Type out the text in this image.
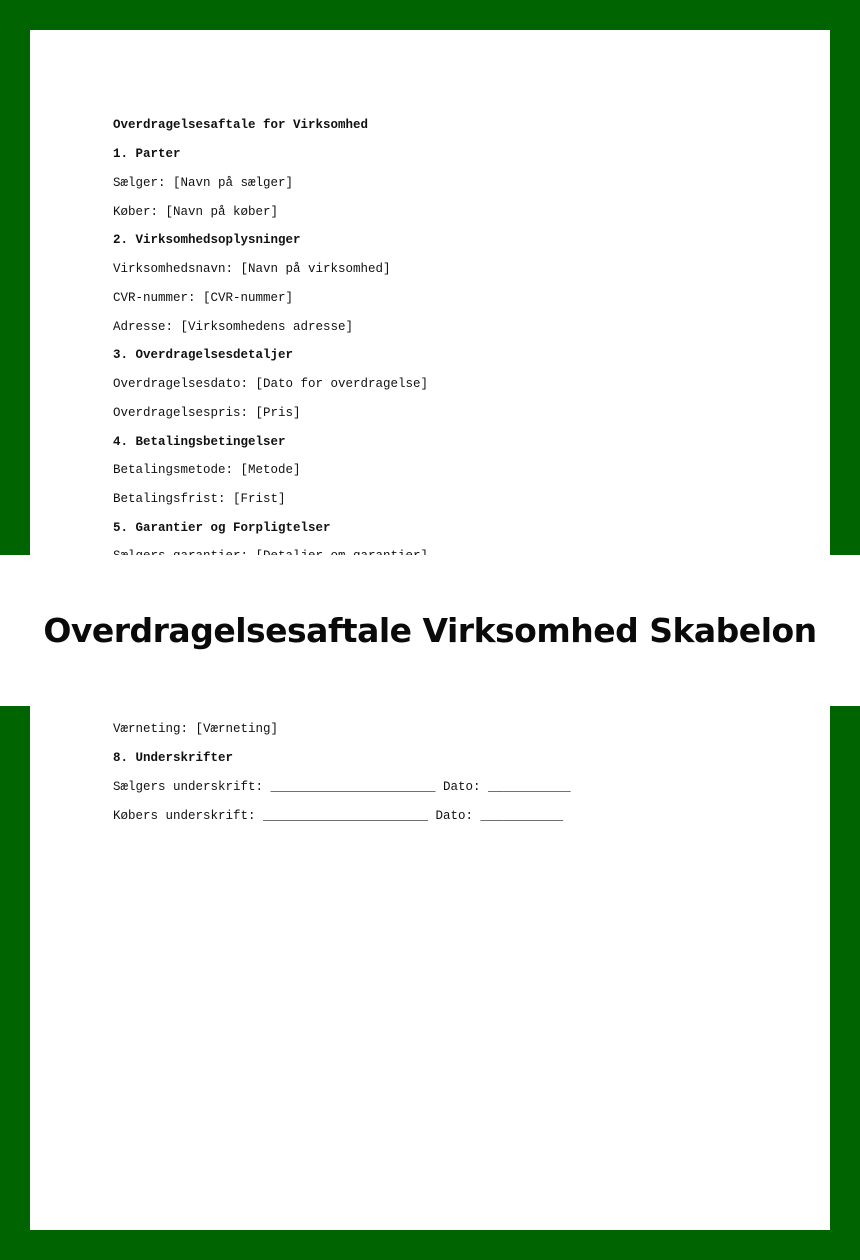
Overdragelsesaftale for Virksomhed
1. Parter
Sælger: [Navn på sælger]
Køber: [Navn på køber]
2. Virksomhedsoplysninger
Virksomhedsnavn: [Navn på virksomhed]
CVR-nummer: [CVR-nummer]
Adresse: [Virksomhedens adresse]
3. Overdragelsesdetaljer
Overdragelsesdato: [Dato for overdragelse]
Overdragelsespris: [Pris]
4. Betalingsbetingelser
Betalingsmetode: [Metode]
Betalingsfrist: [Frist]
5. Garantier og Forpligtelser
Værneting: [Værneting]
8. Underskrifter
Sælgers underskrift: ______________________ Dato: ___________
Købers underskrift: ______________________ Dato: ___________
Overdragelsesaftale Virksomhed Skabelon
